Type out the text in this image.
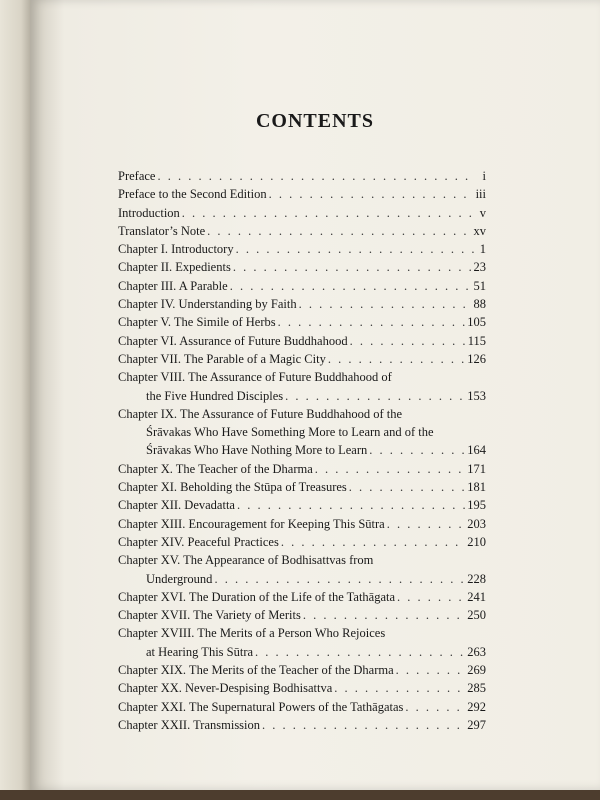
CONTENTS
Preface . . .	i
Preface to the Second Edition . . .	iii
Introduction . . .	v
Translator’s Note . . .	xv
Chapter I. Introductory . . .	1
Chapter II. Expedients . . .	23
Chapter III. A Parable . . .	51
Chapter IV. Understanding by Faith . . .	88
Chapter V. The Simile of Herbs . . .	105
Chapter VI. Assurance of Future Buddhahood . . .	115
Chapter VII. The Parable of a Magic City . . .	126
Chapter VIII. The Assurance of Future Buddhahood of
the Five Hundred Disciples . . .	153
Chapter IX. The Assurance of Future Buddhahood of the
Śrāvakas Who Have Something More to Learn and of the
Śrāvakas Who Have Nothing More to Learn . . .	164
Chapter X. The Teacher of the Dharma . . .	171
Chapter XI. Beholding the Stūpa of Treasures . . .	181
Chapter XII. Devadatta . . .	195
Chapter XIII. Encouragement for Keeping This Sūtra . . .	203
Chapter XIV. Peaceful Practices . . .	210
Chapter XV. The Appearance of Bodhisattvas from
Underground . . .	228
Chapter XVI. The Duration of the Life of the Tathāgata . . .	241
Chapter XVII. The Variety of Merits . . .	250
Chapter XVIII. The Merits of a Person Who Rejoices
at Hearing This Sūtra . . .	263
Chapter XIX. The Merits of the Teacher of the Dharma . . .	269
Chapter XX. Never-Despising Bodhisattva . . .	285
Chapter XXI. The Supernatural Powers of the Tathāgatas . . .	292
Chapter XXII. Transmission . . .	297
